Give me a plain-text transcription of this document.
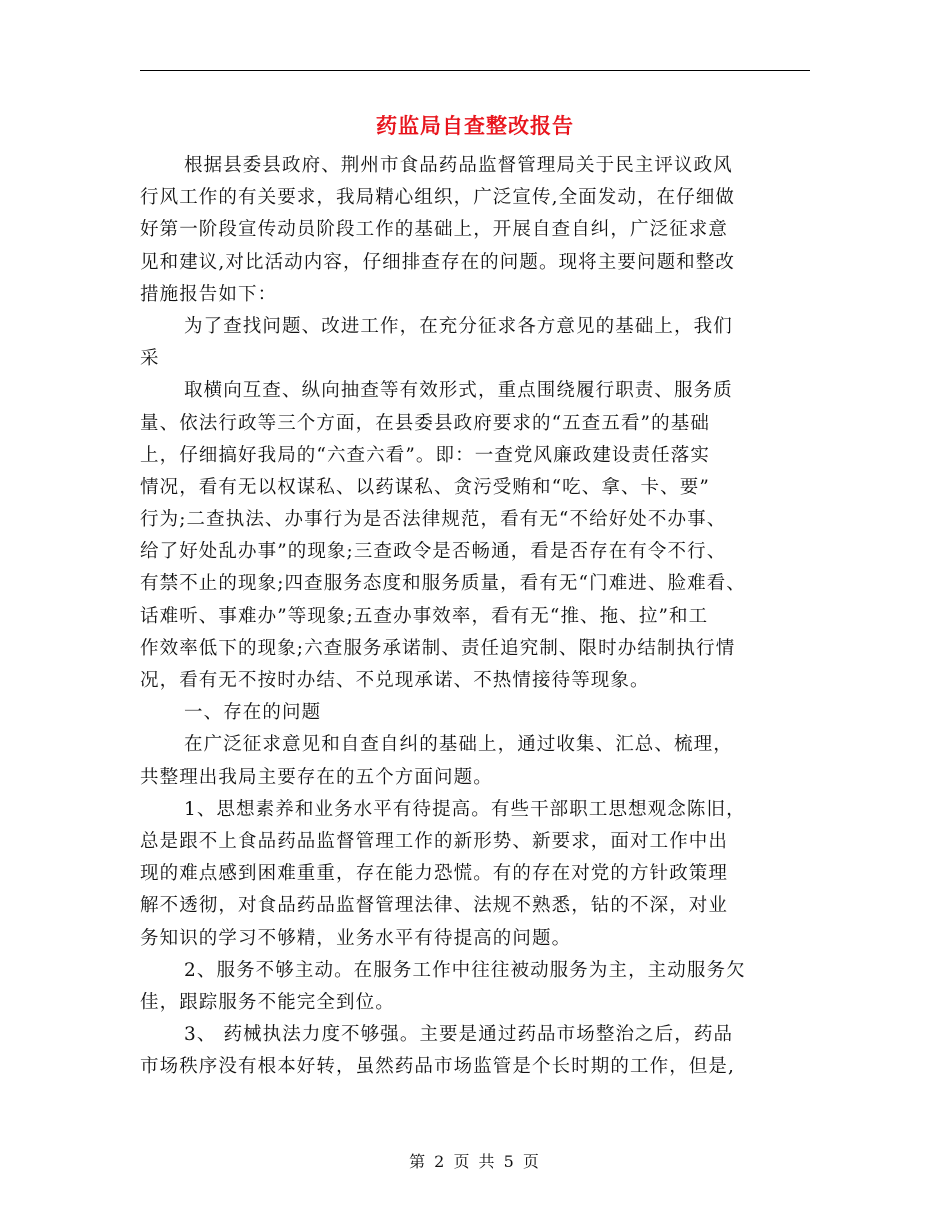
药监局自查整改报告
根据县委县政府、荆州市食品药品监督管理局关于民主评议政风
行风工作的有关要求，我局精心组织，广泛宣传,全面发动，在仔细做
好第一阶段宣传动员阶段工作的基础上，开展自查自纠，广泛征求意
见和建议,对比活动内容，仔细排查存在的问题。现将主要问题和整改
措施报告如下：
为了查找问题、改进工作，在充分征求各方意见的基础上，我们
采
取横向互查、纵向抽查等有效形式，重点围绕履行职责、服务质
量、依法行政等三个方面，在县委县政府要求的“五查五看”的基础
上，仔细搞好我局的“六查六看”。即：一查党风廉政建设责任落实
情况，看有无以权谋私、以药谋私、贪污受贿和“吃、拿、卡、要”
行为;二查执法、办事行为是否法律规范，看有无“不给好处不办事、
给了好处乱办事”的现象;三查政令是否畅通，看是否存在有令不行、
有禁不止的现象;四查服务态度和服务质量，看有无“门难进、脸难看、
话难听、事难办”等现象;五查办事效率，看有无“推、拖、拉”和工
作效率低下的现象;六查服务承诺制、责任追究制、限时办结制执行情
况，看有无不按时办结、不兑现承诺、不热情接待等现象。
一、存在的问题
在广泛征求意见和自查自纠的基础上，通过收集、汇总、梳理，
共整理出我局主要存在的五个方面问题。
1、思想素养和业务水平有待提高。有些干部职工思想观念陈旧，
总是跟不上食品药品监督管理工作的新形势、新要求，面对工作中出
现的难点感到困难重重，存在能力恐慌。有的存在对党的方针政策理
解不透彻，对食品药品监督管理法律、法规不熟悉，钻的不深，对业
务知识的学习不够精，业务水平有待提高的问题。
2、服务不够主动。在服务工作中往往被动服务为主，主动服务欠
佳，跟踪服务不能完全到位。
3、 药械执法力度不够强。主要是通过药品市场整治之后，药品
市场秩序没有根本好转，虽然药品市场监管是个长时期的工作，但是,
第 2 页 共 5 页
